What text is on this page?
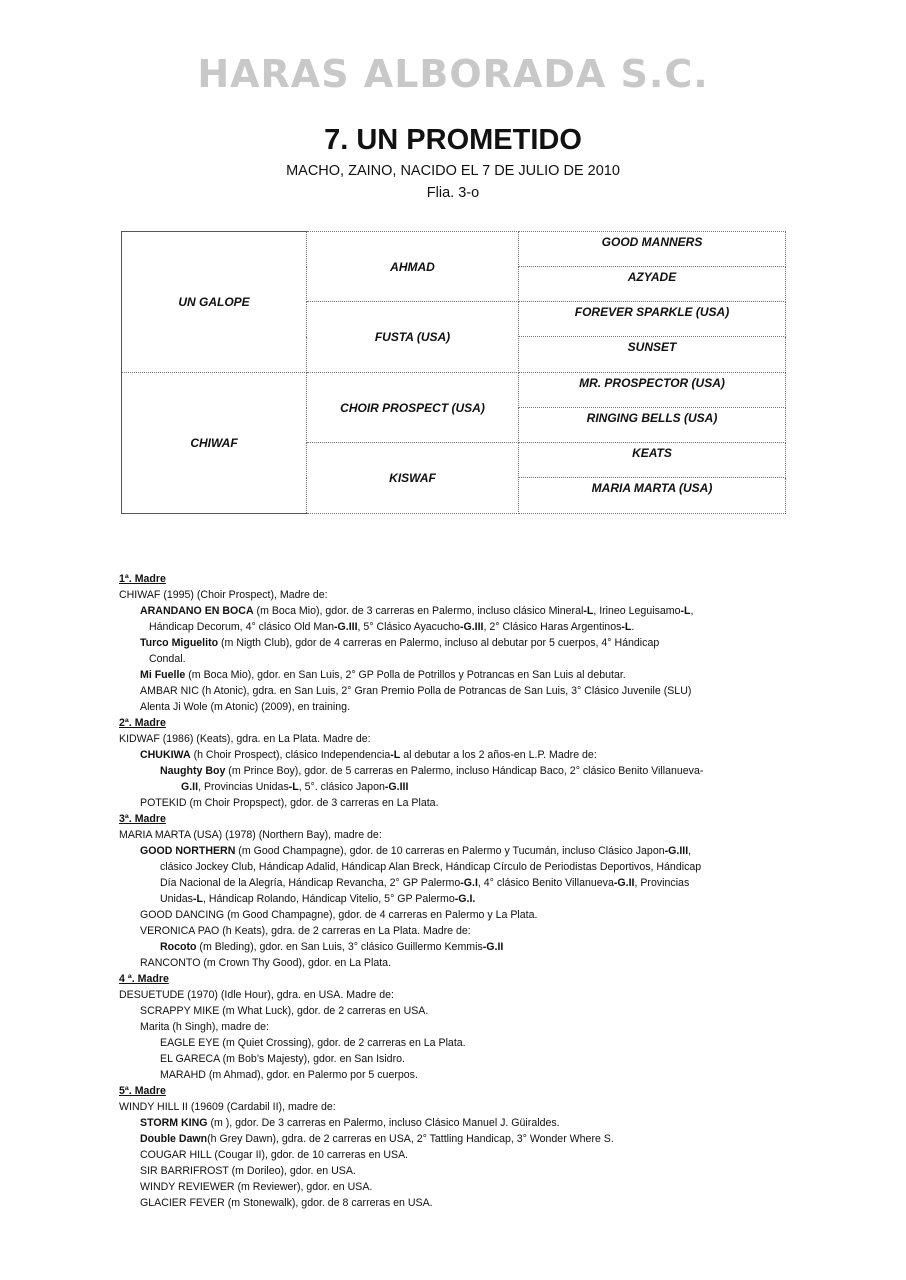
HARAS ALBORADA S.C.
7. UN PROMETIDO
MACHO, ZAINO, NACIDO EL 7 DE JULIO DE 2010
Flia. 3-o
UN GALOPE	AHMAD	GOOD MANNERS
		AZYADE
	FUSTA (USA)	FOREVER SPARKLE (USA)
		SUNSET
CHIWAF	CHOIR PROSPECT (USA)	MR. PROSPECTOR (USA)
		RINGING BELLS (USA)
	KISWAF	KEATS
		MARIA MARTA (USA)
1ª. Madre
CHIWAF (1995) (Choir Prospect), Madre de:
ARANDANO EN BOCA (m Boca Mio), gdor. de 3 carreras en Palermo, incluso clásico Mineral-L, Irineo Leguisamo-L,
Hándicap Decorum, 4° clásico Old Man-G.III, 5° Clásico Ayacucho-G.III, 2° Clásico Haras Argentinos-L.
Turco Miguelito (m Nigth Club), gdor de 4 carreras en Palermo, incluso al debutar por 5 cuerpos, 4° Hándicap
Condal.
Mi Fuelle (m Boca Mio), gdor. en San Luis, 2° GP Polla de Potrillos y Potrancas en San Luis al debutar.
AMBAR NIC (h Atonic), gdra. en San Luis, 2° Gran Premio Polla de Potrancas de San Luis, 3° Clásico Juvenile (SLU)
Alenta Ji Wole (m Atonic) (2009), en training.
2ª. Madre
KIDWAF (1986) (Keats), gdra. en La Plata. Madre de:
CHUKIWA (h Choir Prospect), clásico Independencia-L al debutar a los 2 años-en L.P. Madre de:
Naughty Boy (m Prince Boy), gdor. de 5 carreras en Palermo, incluso Hándicap Baco, 2° clásico Benito Villanueva-
G.II, Provincias Unidas-L, 5°. clásico Japon-G.III
POTEKID (m Choir Propspect), gdor. de 3 carreras en La Plata.
3ª. Madre
MARIA MARTA (USA) (1978) (Northern Bay), madre de:
GOOD NORTHERN (m Good Champagne), gdor. de 10 carreras en Palermo y Tucumán, incluso Clásico Japon-G.III,
clásico Jockey Club, Hándicap Adalid, Hándicap Alan Breck, Hándicap Círculo de Periodistas Deportivos, Hándicap
Día Nacional de la Alegría, Hándicap Revancha, 2° GP Palermo-G.I, 4° clásico Benito Villanueva-G.II, Provincias
Unidas-L, Hándicap Rolando, Hándicap Vitelio, 5° GP Palermo-G.I.
GOOD DANCING (m Good Champagne), gdor. de 4 carreras en Palermo y La Plata.
VERONICA PAO (h Keats), gdra. de 2 carreras en La Plata. Madre de:
Rocoto (m Bleding), gdor. en San Luis, 3° clásico Guillermo Kemmis-G.II
RANCONTO (m Crown Thy Good), gdor. en La Plata.
4 ª. Madre
DESUETUDE (1970) (Idle Hour), gdra. en USA. Madre de:
SCRAPPY MIKE (m What Luck), gdor. de 2 carreras en USA.
Marita (h Singh), madre de:
EAGLE EYE (m Quiet Crossing), gdor. de 2 carreras en La Plata.
EL GARECA (m Bob’s Majesty), gdor. en San Isidro.
MARAHD (m Ahmad), gdor. en Palermo por 5 cuerpos.
5ª. Madre
WINDY HILL II (19609 (Cardabil II), madre de:
STORM KING (m ), gdor. De 3 carreras en Palermo, incluso Clásico Manuel J. Güiraldes.
Double Dawn(h Grey Dawn), gdra. de 2 carreras en USA, 2° Tattling Handicap, 3° Wonder Where S.
COUGAR HILL (Cougar II), gdor. de 10 carreras en USA.
SIR BARRIFROST (m Dorileo), gdor. en USA.
WINDY REVIEWER (m Reviewer), gdor. en USA.
GLACIER FEVER (m Stonewalk), gdor. de 8 carreras en USA.
